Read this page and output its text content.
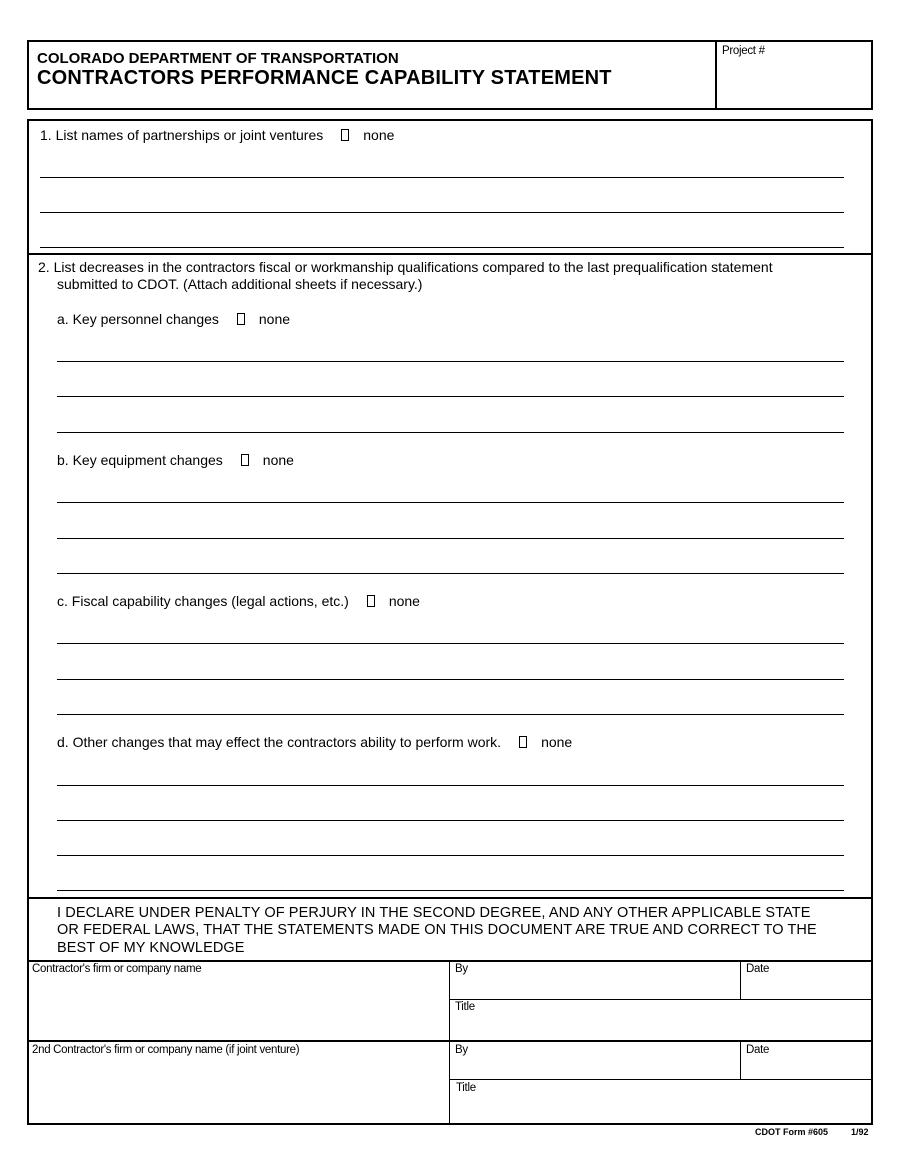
COLORADO DEPARTMENT OF TRANSPORTATION
CONTRACTORS PERFORMANCE CAPABILITY STATEMENT
Project #
1. List names of partnerships or joint ventures	none
2. List decreases in the contractors fiscal or workmanship qualifications compared to the last prequalification statement
submitted to CDOT. (Attach additional sheets if necessary.)
a. Key personnel changes	none
b. Key equipment changes	none
c. Fiscal capability changes (legal actions, etc.)	none
d. Other changes that may effect the contractors ability to perform work.	none
I DECLARE UNDER PENALTY OF PERJURY IN THE SECOND DEGREE, AND ANY OTHER APPLICABLE STATE
OR FEDERAL LAWS, THAT THE STATEMENTS MADE ON THIS DOCUMENT ARE TRUE AND CORRECT TO THE
BEST OF MY KNOWLEDGE
Contractor's firm or company name	By	Date
Title
2nd Contractor's firm or company name (if joint venture)	By	Date
Title
CDOT Form #605	1/92
